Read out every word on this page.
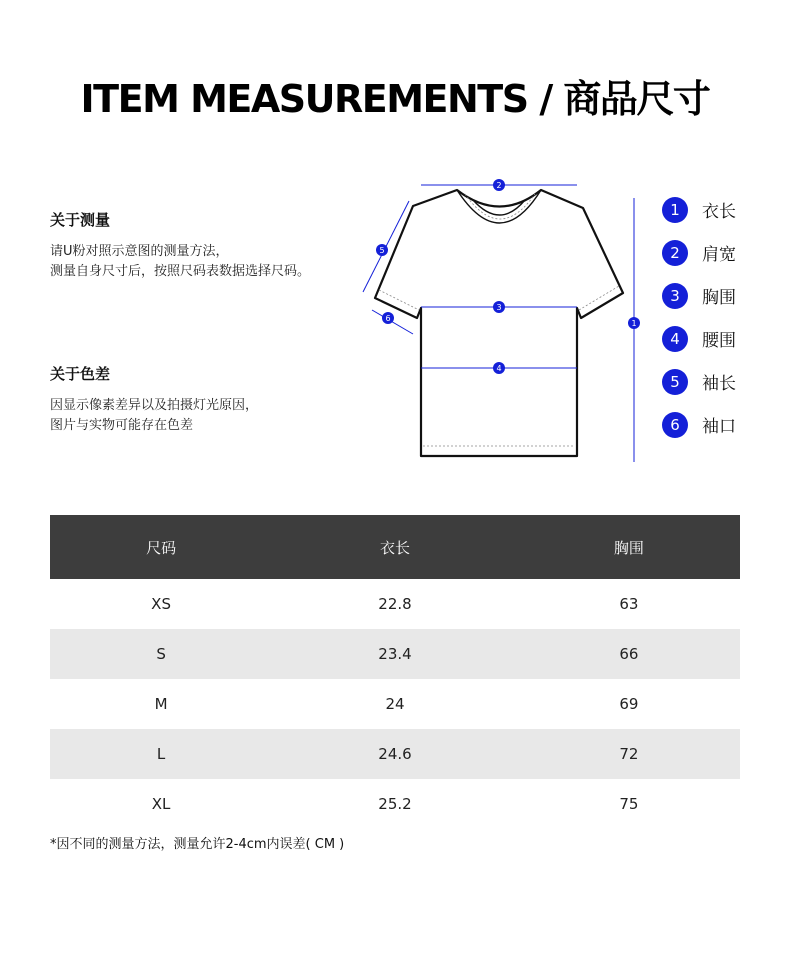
ITEM MEASUREMENTS / 商品尺寸
关于测量

请U粉对照示意图的测量方法，

测量自身尺寸后，按照尺码表数据选择尺码。

关于色差

因显示像素差异以及拍摄灯光原因，

图片与实物可能存在色差

2
1
3
4
5
6
1	衣长
2	肩宽
3	胸围
4	腰围
5	袖长
6	袖口
尺码	衣长	胸围
XS	22.8	63
S	23.4	66
M	24	69
L	24.6	72
XL	25.2	75
*因不同的测量方法，测量允许2-4cm内误差( CM )
